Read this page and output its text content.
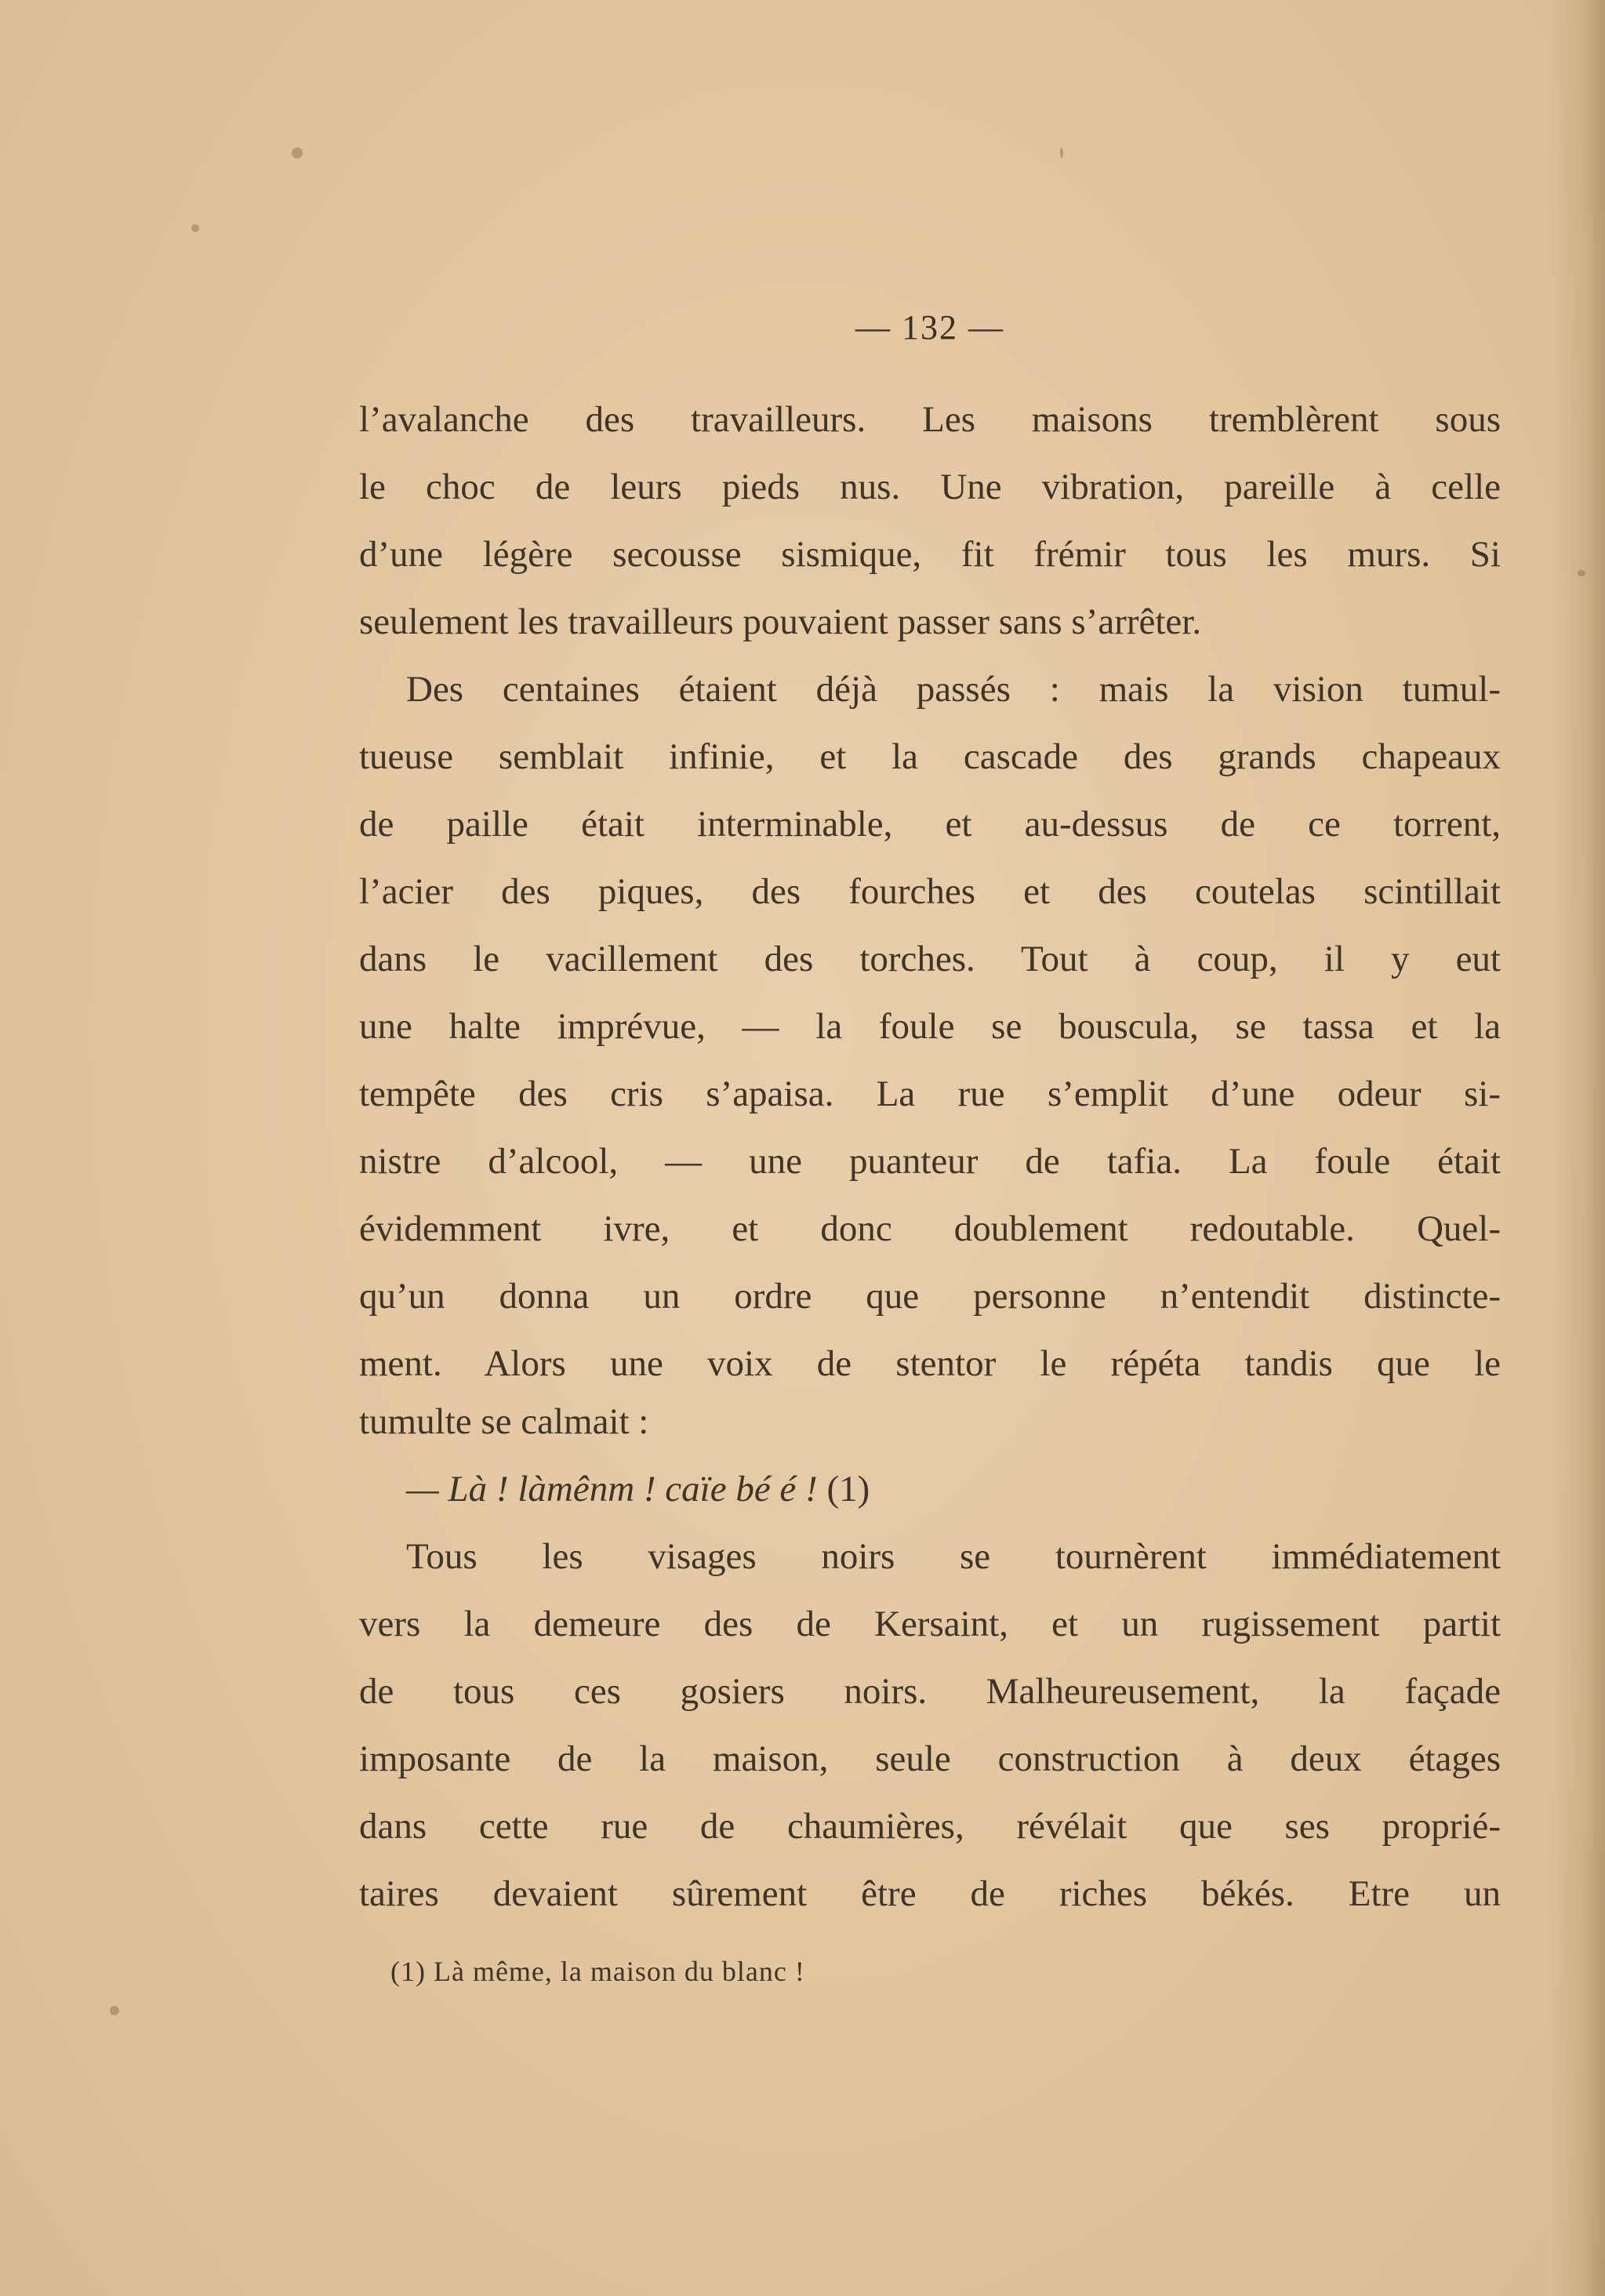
— 132 —
l’avalanche des travailleurs. Les maisons tremblèrent sous
le choc de leurs pieds nus. Une vibration, pareille à celle
d’une légère secousse sismique, fit frémir tous les murs. Si
seulement les travailleurs pouvaient passer sans s’arrêter.
Des centaines étaient déjà passés : mais la vision tumul-
tueuse semblait infinie, et la cascade des grands chapeaux
de paille était interminable, et au-dessus de ce torrent,
l’acier des piques, des fourches et des coutelas scintillait
dans le vacillement des torches. Tout à coup, il y eut
une halte imprévue, — la foule se bouscula, se tassa et la
tempête des cris s’apaisa. La rue s’emplit d’une odeur si-
nistre d’alcool, — une puanteur de tafia. La foule était
évidemment ivre, et donc doublement redoutable. Quel-
qu’un donna un ordre que personne n’entendit distincte-
ment. Alors une voix de stentor le répéta tandis que le
tumulte se calmait :
— Là ! làmênm ! caïe bé é ! (1)
Tous les visages noirs se tournèrent immédiatement
vers la demeure des de Kersaint, et un rugissement partit
de tous ces gosiers noirs. Malheureusement, la façade
imposante de la maison, seule construction à deux étages
dans cette rue de chaumières, révélait que ses proprié-
taires devaient sûrement être de riches békés. Etre un
(1) Là même, la maison du blanc !
